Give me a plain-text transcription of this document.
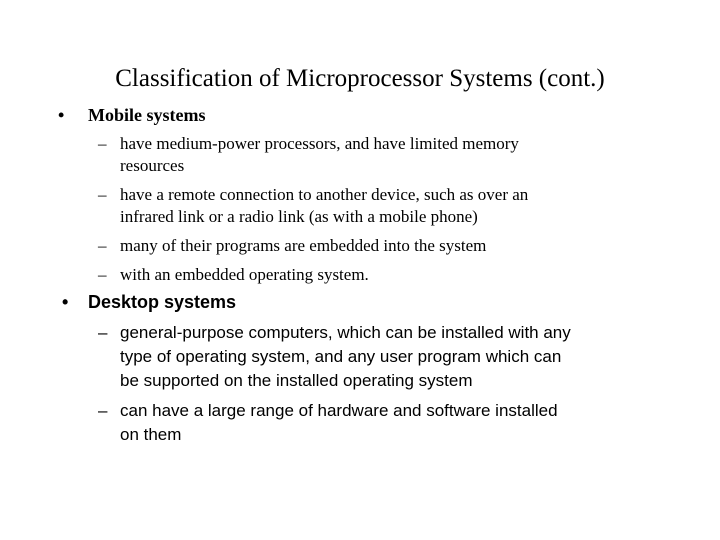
Classification of Microprocessor Systems (cont.)
• Mobile systems
– have medium-power processors, and have limited memory
resources
– have a remote connection to another device, such as over an
infrared link or a radio link (as with a mobile phone)
– many of their programs are embedded into the system
– with an embedded operating system.
• Desktop systems
– general-purpose computers, which can be installed with any
type of operating system, and any user program which can
be supported on the installed operating system
– can have a large range of hardware and software installed
on them
